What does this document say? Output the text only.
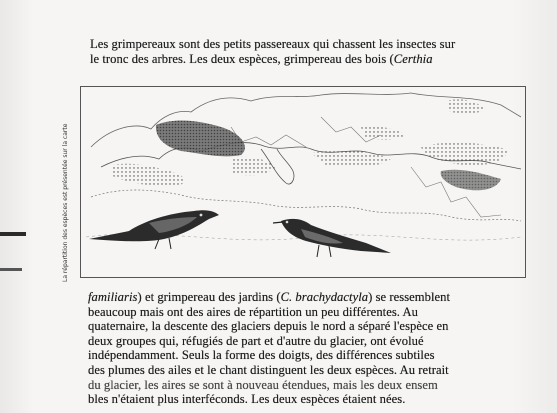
Les grimpereaux sont des petits passereaux qui chassent les insectes sur
le tronc des arbres. Les deux espèces, grimpereau des bois (Certhia
La répartition des espèces est présentée sur la carte
familiaris) et grimpereau des jardins (C. brachydactyla) se ressemblent
beaucoup mais ont des aires de répartition un peu différentes. Au
quaternaire, la descente des glaciers depuis le nord a séparé l'espèce en
deux groupes qui, réfugiés de part et d'autre du glacier, ont évolué
indépendamment. Seuls la forme des doigts, des différences subtiles
des plumes des ailes et le chant distinguent les deux espèces. Au retrait
du glacier, les aires se sont à nouveau étendues, mais les deux ensem
bles n'étaient plus interféconds. Les deux espèces étaient nées.
